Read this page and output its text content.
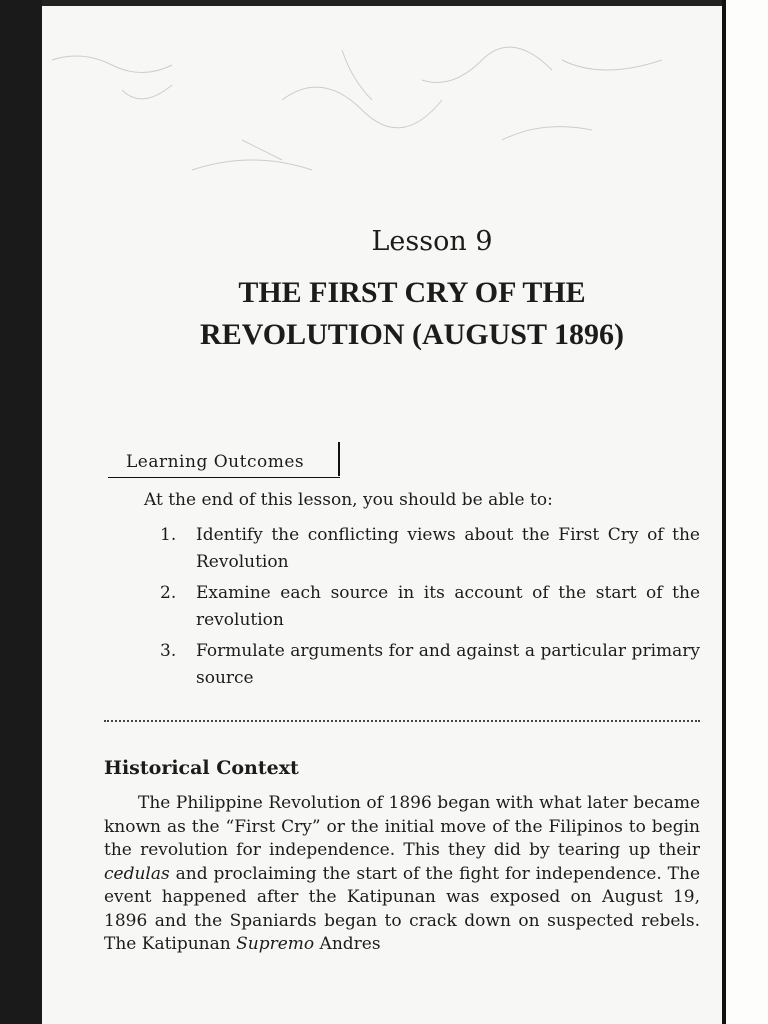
Lesson 9
THE FIRST CRY OF THE
REVOLUTION (AUGUST 1896)
Learning Outcomes
At the end of this lesson, you should be able to:
1. Identify the conflicting views about the First Cry of the Revolution
2. Examine each source in its account of the start of the revolution
3. Formulate arguments for and against a particular primary source
Historical Context

The Philippine Revolution of 1896 began with what later became known as the “First Cry” or the initial move of the Filipinos to begin the revolution for independence. This they did by tearing up their cedulas and proclaiming the start of the fight for independence. The event happened after the Katipunan was exposed on August 19, 1896 and the Spaniards began to crack down on suspected rebels. The Katipunan Supremo Andres
